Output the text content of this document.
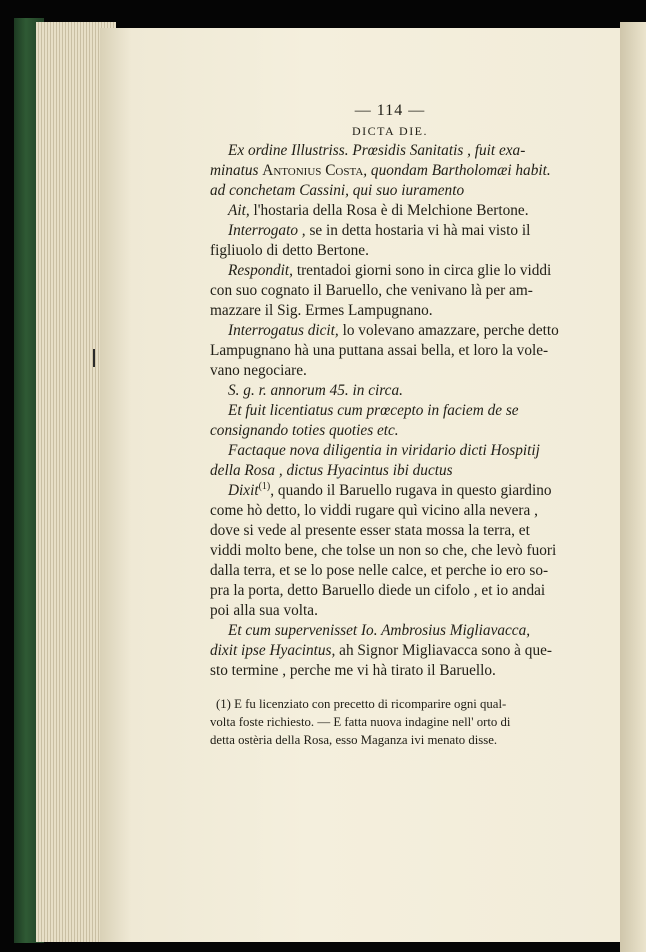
— 114 —

DICTA DIE.

Ex ordine Illustriss. Prœsidis Sanitatis , fuit exa-

minatus Antonius Costa, quondam Bartholomæi habit.

ad conchetam Cassini, qui suo iuramento

Ait, l'hostaria della Rosa è di Melchione Bertone.

Interrogato , se in detta hostaria vi hà mai visto il

figliuolo di detto Bertone.

Respondit, trentadoi giorni sono in circa glie lo viddi

con suo cognato il Baruello, che venivano là per am-

mazzare il Sig. Ermes Lampugnano.

Interrogatus dicit, lo volevano amazzare, perche detto

Lampugnano hà una puttana assai bella, et loro la vole-

vano negociare.

S. g. r. annorum 45. in circa.

Et fuit licentiatus cum prœcepto in faciem de se

consignando toties quoties etc.

Factaque nova diligentia in viridario dicti Hospitij

della Rosa , dictus Hyacintus ibi ductus

Dixit$^{(1)}$, quando il Baruello rugava in questo giardino

come hò detto, lo viddi rugare quì vicino alla nevera ,

dove si vede al presente esser stata mossa la terra, et

viddi molto bene, che tolse un non so che, che levò fuori

dalla terra, et se lo pose nelle calce, et perche io ero so-

pra la porta, detto Baruello diede un cifolo , et io andai

poi alla sua volta.

Et cum supervenisset Io. Ambrosius Migliavacca,

dixit ipse Hyacintus, ah Signor Migliavacca sono à que-

sto termine , perche me vi hà tirato il Baruello.

(1) E fu licenziato con precetto di ricomparire ogni qual-

volta foste richiesto. — E fatta nuova indagine nell' orto di

detta ostèria della Rosa, esso Maganza ivi menato disse.
